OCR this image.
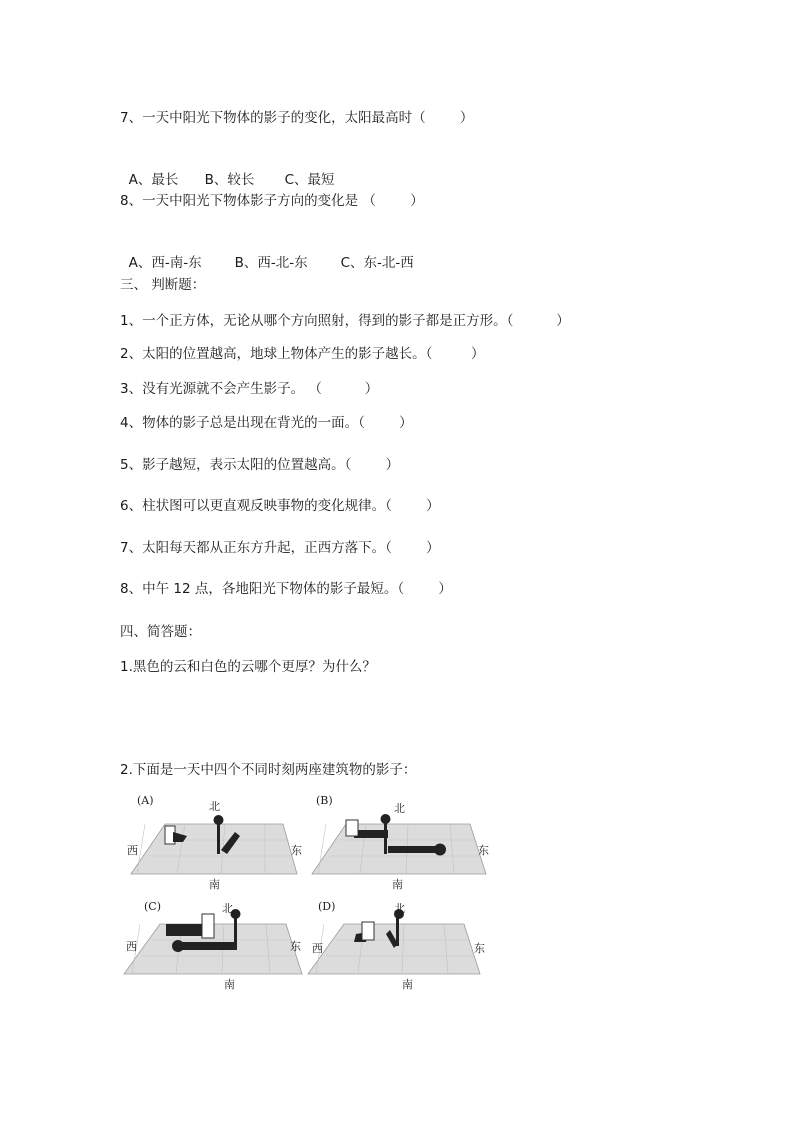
7、一天中阳光下物体的影子的变化，太阳最高时（        ）

A、最长 B、较长 C、最短

8、一天中阳光下物体影子方向的变化是 （        ）

A、西-南-东 B、西-北-东 C、东-北-西

三、 判断题：
1、一个正方体，无论从哪个方向照射，得到的影子都是正方形。（          ）
2、太阳的位置越高，地球上物体产生的影子越长。（         ）
3、没有光源就不会产生影子。 （          ）
4、物体的影子总是出现在背光的一面。（        ）
5、影子越短，表示太阳的位置越高。（        ）
6、柱状图可以更直观反映事物的变化规律。（        ）
7、太阳每天都从正东方升起，正西方落下。（        ）
8、中午 12 点，各地阳光下物体的影子最短。（        ）
四、简答题：
1.黑色的云和白色的云哪个更厚？为什么？
2.下面是一天中四个不同时刻两座建筑物的影子：
(A)	北
南
西	东
(B)
北
南
东
(C)	北
南
西	东
(D)	北
南
西	东
